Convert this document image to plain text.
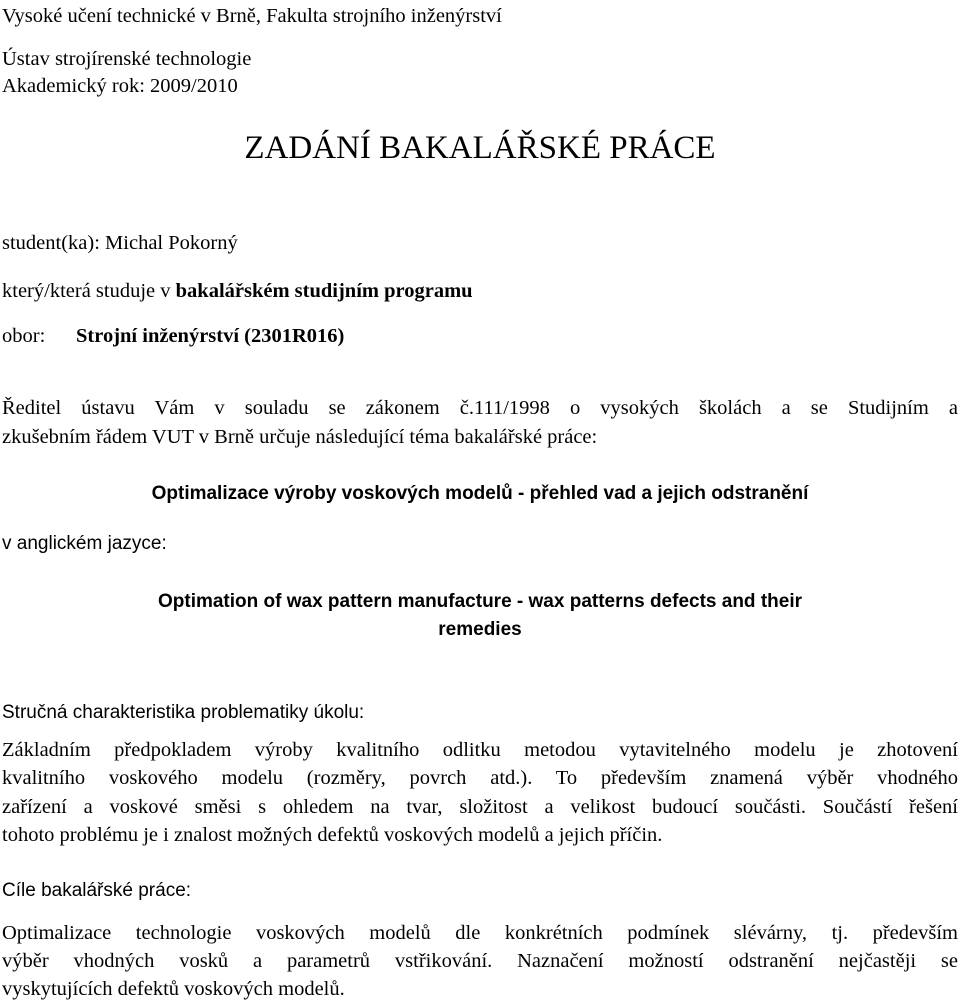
Vysoké učení technické v Brně, Fakulta strojního inženýrství
Ústav strojírenské technologie
Akademický rok: 2009/2010
ZADÁNÍ BAKALÁŘSKÉ PRÁCE
student(ka): Michal Pokorný
který/která studuje v bakalářském studijním programu
obor: Strojní inženýrství (2301R016)
Ředitel ústavu Vám v souladu se zákonem č.111/1998 o vysokých školách a se Studijním a
zkušebním řádem VUT v Brně určuje následující téma bakalářské práce:
Optimalizace výroby voskových modelů - přehled vad a jejich odstranění
v anglickém jazyce:
Optimation of wax pattern manufacture - wax patterns defects and their
remedies
Stručná charakteristika problematiky úkolu:
Základním předpokladem výroby kvalitního odlitku metodou vytavitelného modelu je zhotovení
kvalitního voskového modelu (rozměry, povrch atd.). To především znamená výběr vhodného
zařízení a voskové směsi s ohledem na tvar, složitost a velikost budoucí součásti. Součástí řešení
tohoto problému je i znalost možných defektů voskových modelů a jejich příčin.
Cíle bakalářské práce:
Optimalizace technologie voskových modelů dle konkrétních podmínek slévárny, tj. především
výběr vhodných vosků a parametrů vstřikování. Naznačení možností odstranění nejčastěji se
vyskytujících defektů voskových modelů.
